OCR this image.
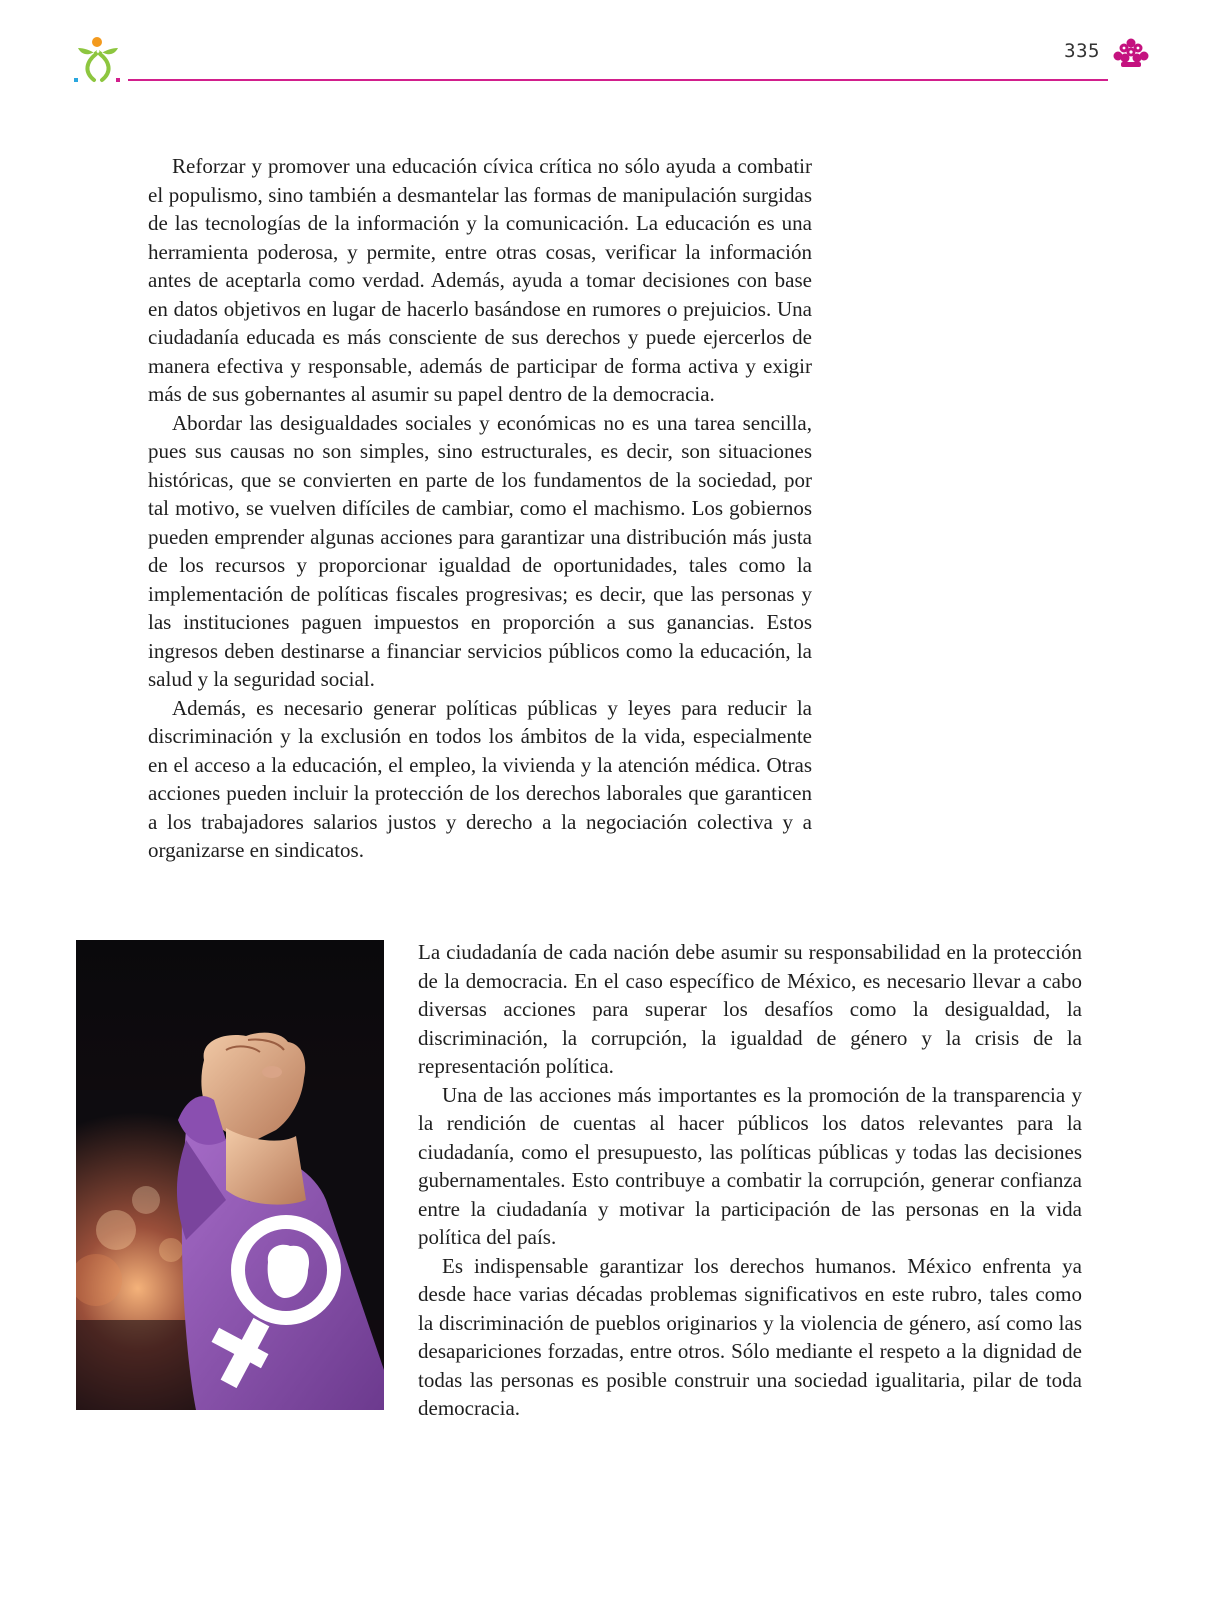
335

Reforzar y promover una educación cívica crítica no sólo ayuda a combatir el populismo, sino también a desmantelar las formas de manipulación surgidas de las tecnologías de la información y la comunicación. La educación es una herramienta poderosa, y permite, entre otras cosas, verificar la información antes de aceptarla como verdad. Además, ayuda a tomar decisiones con base en datos objetivos en lugar de hacerlo basándose en rumores o prejuicios. Una ciudadanía educada es más consciente de sus derechos y puede ejercerlos de manera efectiva y responsable, además de participar de forma activa y exigir más de sus gobernantes al asumir su papel dentro de la democracia.

Abordar las desigualdades sociales y económicas no es una tarea sencilla, pues sus causas no son simples, sino estructurales, es decir, son situaciones históricas, que se convierten en parte de los fundamentos de la sociedad, por tal motivo, se vuelven difíciles de cambiar, como el machismo. Los gobiernos pueden emprender algunas acciones para garantizar una distribución más justa de los recursos y proporcionar igualdad de oportunidades, tales como la implementación de políticas fiscales progresivas; es decir, que las personas y las instituciones paguen impuestos en proporción a sus ganancias. Estos ingresos deben destinarse a financiar servicios públicos como la educación, la salud y la seguridad social.

Además, es necesario generar políticas públicas y leyes para reducir la discriminación y la exclusión en todos los ámbitos de la vida, especialmente en el acceso a la educación, el empleo, la vivienda y la atención médica. Otras acciones pueden incluir la protección de los derechos laborales que garanticen a los trabajadores salarios justos y derecho a la negociación colectiva y a organizarse en sindicatos.

La ciudadanía de cada nación debe asumir su responsabilidad en la protección de la democracia. En el caso específico de México, es necesario llevar a cabo diversas acciones para superar los desafíos como la desigualdad, la discriminación, la corrupción, la igualdad de género y la crisis de la representación política.

Una de las acciones más importantes es la promoción de la transparencia y la rendición de cuentas al hacer públicos los datos relevantes para la ciudadanía, como el presupuesto, las políticas públicas y todas las decisiones gubernamentales. Esto contribuye a combatir la corrupción, generar confianza entre la ciudadanía y motivar la participación de las personas en la vida política del país.

Es indispensable garantizar los derechos humanos. México enfrenta ya desde hace varias décadas problemas significativos en este rubro, tales como la discriminación de pueblos originarios y la violencia de género, así como las desapariciones forzadas, entre otros. Sólo mediante el respeto a la dignidad de todas las personas es posible construir una sociedad igualitaria, pilar de toda democracia.
